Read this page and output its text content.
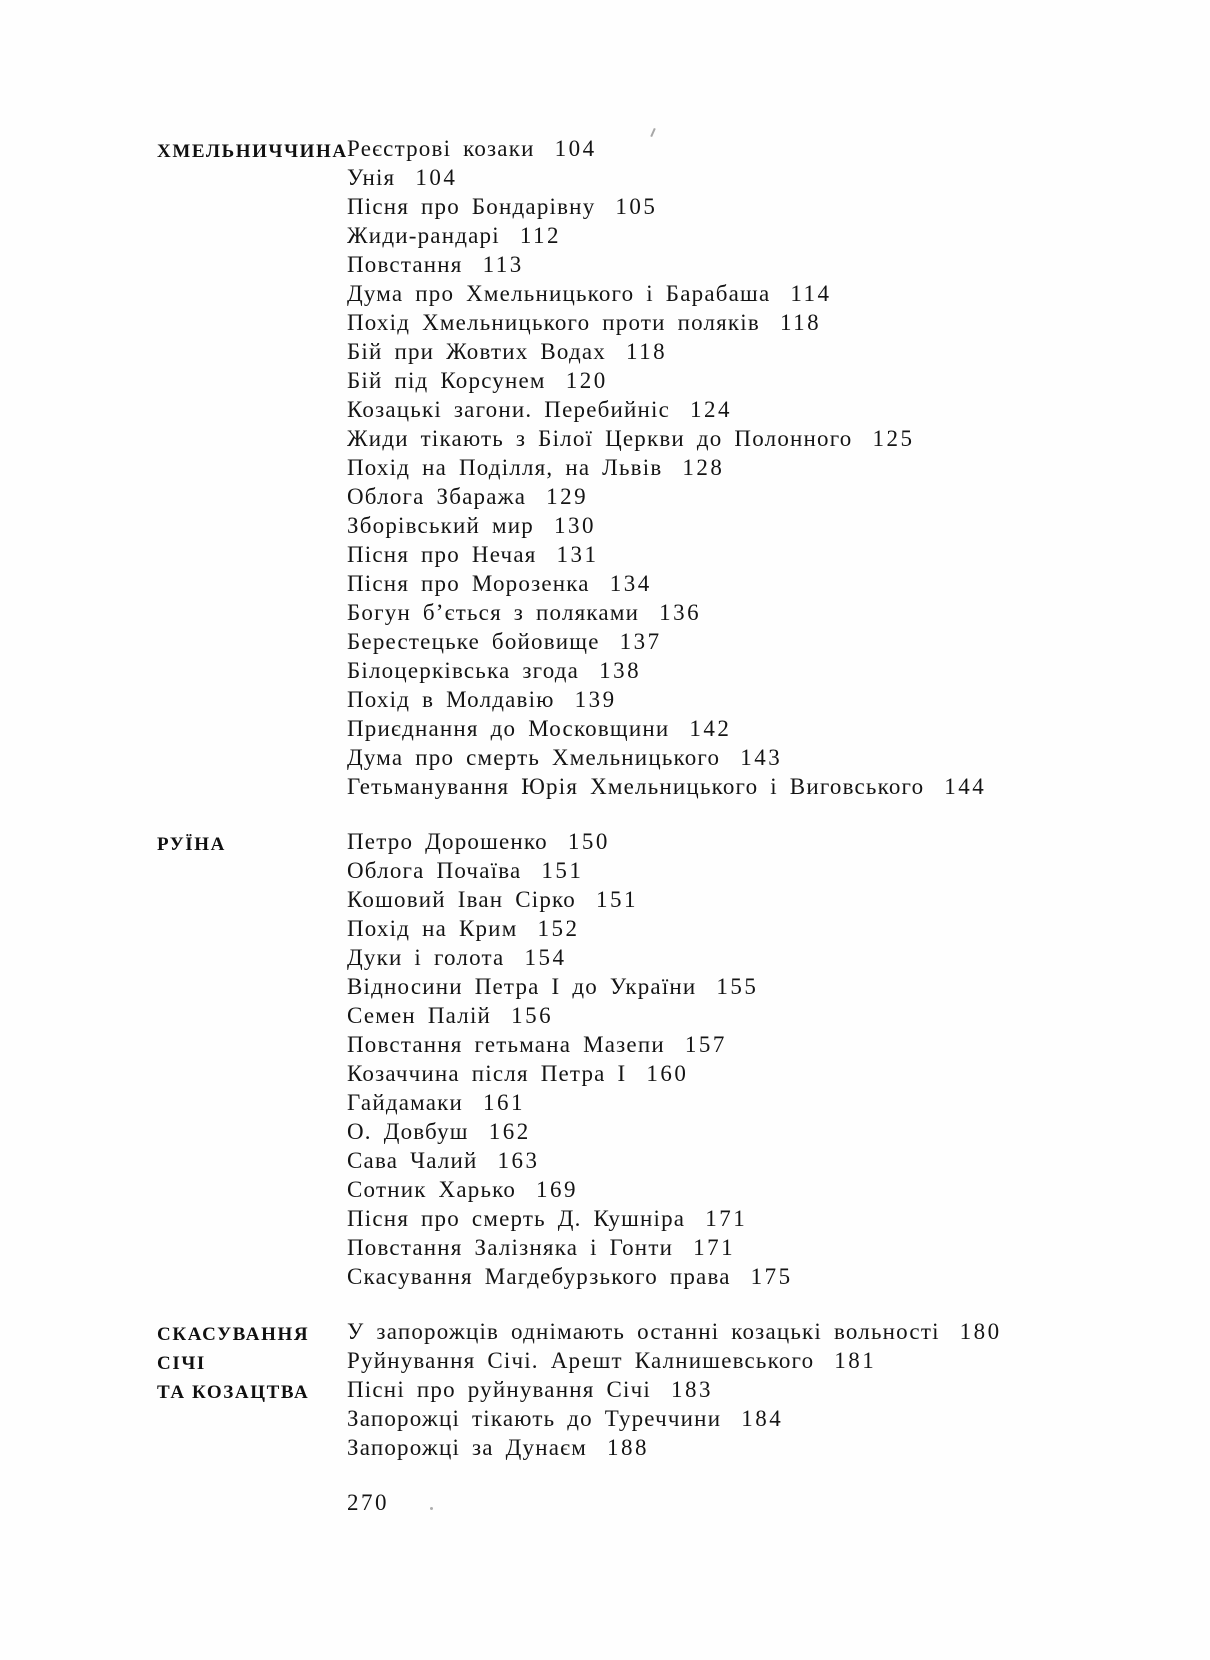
ХМЕЛЬНИЧЧИНА Реєстрові козаки 104
Унія 104
Пісня про Бондарівну 105
Жиди-рандарі 112
Повстання 113
Дума про Хмельницького і Барабаша 114
Похід Хмельницького проти поляків 118
Бій при Жовтих Водах 118
Бій під Корсунем 120
Козацькі загони. Перебийніс 124
Жиди тікають з Білої Церкви до Полонного 125
Похід на Поділля, на Львів 128
Облога Збаража 129
Зборівський мир 130
Пісня про Нечая 131
Пісня про Морозенка 134
Богун б’ється з поляками 136
Берестецьке бойовище 137
Білоцерківська згода 138
Похід в Молдавію 139
Приєднання до Московщини 142
Дума про смерть Хмельницького 143
Гетьманування Юрія Хмельницького і Виговського 144
РУЇНА	Петро Дорошенко 150
Облога Почаїва 151
Кошовий Іван Сірко 151
Похід на Крим 152
Дуки і голота 154
Відносини Петра І до України 155
Семен Палій 156
Повстання гетьмана Мазепи 157
Козаччина після Петра І 160
Гайдамаки 161
О. Довбуш 162
Сава Чалий 163
Сотник Харько 169
Пісня про смерть Д. Кушніра 171
Повстання Залізняка і Гонти 171
Скасування Магдебурзького права 175
СКАСУВАННЯ
СІЧІ
ТА КОЗАЦТВА
У запорожців однімають останні козацькі вольності 180
Руйнування Січі. Арешт Калнишевського 181
Пісні про руйнування Січі 183
Запорожці тікають до Туреччини 184
Запорожці за Дунаєм 188
270
